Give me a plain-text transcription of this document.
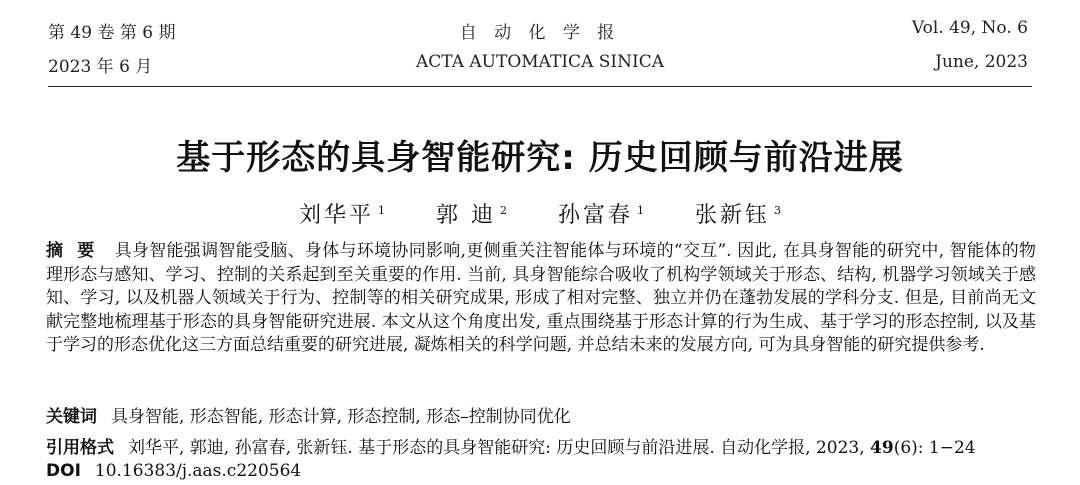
第 49 卷 第 6 期
2023 年 6 月
自 动 化 学 报
ACTA AUTOMATICA SINICA
Vol. 49, No. 6
June, 2023
基于形态的具身智能研究: 历史回顾与前沿进展
刘华平 $^1$ 郭 迪 $^2$ 孙富春 $^1$ 张新钰 $^3$
摘要 具身智能强调智能受脑、身体与环境协同影响,更侧重关注智能体与环境的“交互”. 因此, 在具身智能的研究中, 智能体的物理形态与感知、学习、控制的关系起到至关重要的作用. 当前, 具身智能综合吸收了机构学领域关于形态、结构, 机器学习领域关于感知、学习, 以及机器人领域关于行为、控制等的相关研究成果, 形成了相对完整、独立并仍在蓬勃发展的学科分支. 但是, 目前尚无文献完整地梳理基于形态的具身智能研究进展. 本文从这个角度出发, 重点围绕基于形态计算的行为生成、基于学习的形态控制, 以及基于学习的形态优化这三方面总结重要的研究进展, 凝炼相关的科学问题, 并总结未来的发展方向, 可为具身智能的研究提供参考.
关键词 具身智能, 形态智能, 形态计算, 形态控制, 形态–控制协同优化
引用格式 刘华平, 郭迪, 孙富春, 张新钰. 基于形态的具身智能研究: 历史回顾与前沿进展. 自动化学报, 2023, 49(6): 1−24
DOI 10.16383/j.aas.c220564
